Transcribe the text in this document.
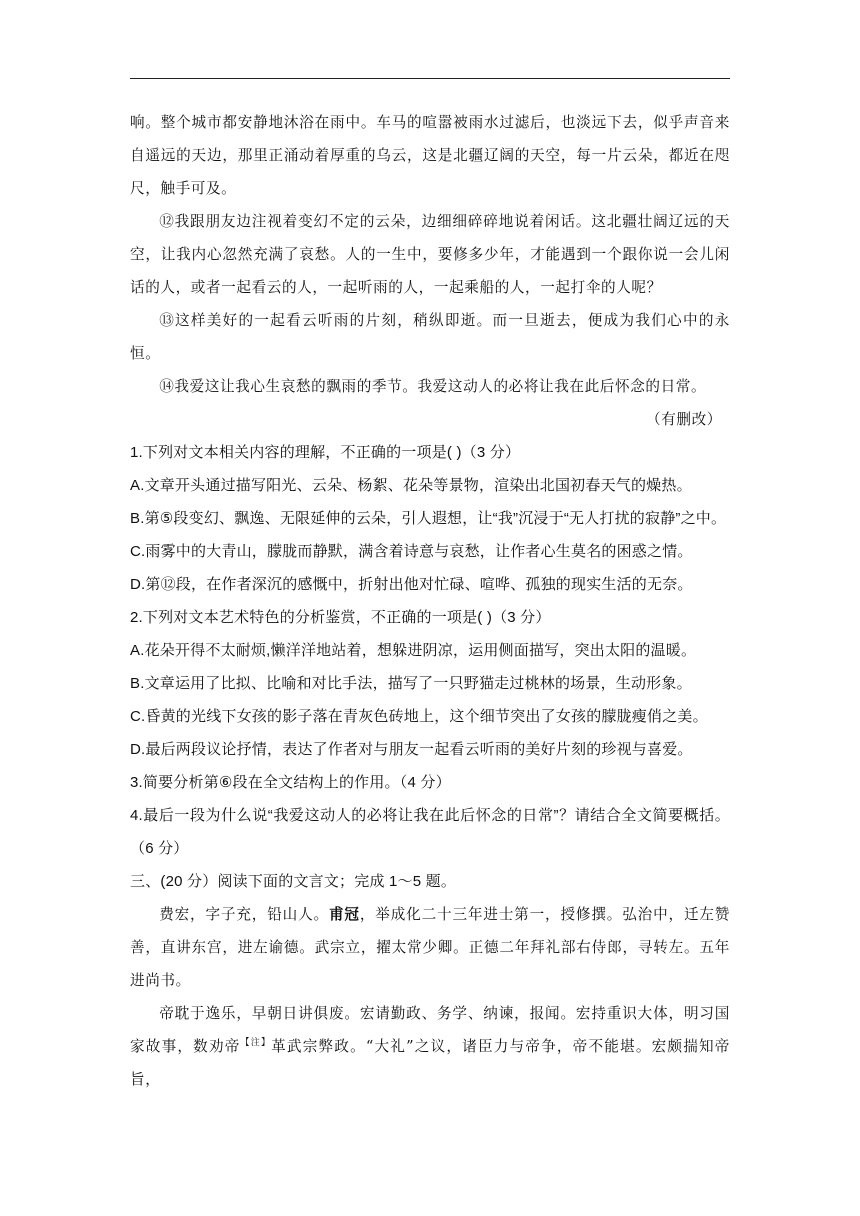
响。整个城市都安静地沐浴在雨中。车马的喧嚣被雨水过滤后，也淡远下去，似乎声音来自遥远的天边，那里正涌动着厚重的乌云，这是北疆辽阔的天空，每一片云朵，都近在咫尺，触手可及。

⑫我跟朋友边注视着变幻不定的云朵，边细细碎碎地说着闲话。这北疆壮阔辽远的天空，让我内心忽然充满了哀愁。人的一生中，要修多少年，才能遇到一个跟你说一会儿闲话的人，或者一起看云的人，一起听雨的人，一起乘船的人，一起打伞的人呢？

⑬这样美好的一起看云听雨的片刻，稍纵即逝。而一旦逝去，便成为我们心中的永恒。

⑭我爱这让我心生哀愁的飘雨的季节。我爱这动人的必将让我在此后怀念的日常。

（有删改）

1.下列对文本相关内容的理解，不正确的一项是( )（3 分）

A.文章开头通过描写阳光、云朵、杨絮、花朵等景物，渲染出北国初春天气的燥热。

B.第⑤段变幻、飘逸、无限延伸的云朵，引人遐想，让“我”沉浸于“无人打扰的寂静”之中。

C.雨雾中的大青山，朦胧而静默，满含着诗意与哀愁，让作者心生莫名的困惑之情。

D.第⑫段，在作者深沉的感慨中，折射出他对忙碌、喧哗、孤独的现实生活的无奈。

2.下列对文本艺术特色的分析鉴赏，不正确的一项是( )（3 分）

A.花朵开得不太耐烦,懒洋洋地站着，想躲进阴凉，运用侧面描写，突出太阳的温暖。

B.文章运用了比拟、比喻和对比手法，描写了一只野猫走过桃林的场景，生动形象。

C.昏黄的光线下女孩的影子落在青灰色砖地上，这个细节突出了女孩的朦胧瘦俏之美。

D.最后两段议论抒情，表达了作者对与朋友一起看云听雨的美好片刻的珍视与喜爱。

3.简要分析第⑥段在全文结构上的作用。（4 分）

4.最后一段为什么说“我爱这动人的必将让我在此后怀念的日常”？请结合全文简要概括。（6 分）

三、(20 分）阅读下面的文言文；完成 1～5 题。

费宏，字子充，铅山人。甫冠，举成化二十三年进士第一，授修撰。弘治中，迁左赞善，直讲东宫，进左谕德。武宗立，擢太常少卿。正德二年拜礼部右侍郎，寻转左。五年进尚书。

帝耽于逸乐，早朝日讲俱废。宏请勤政、务学、纳谏，报闻。宏持重识大体，明习国家故事，数劝帝$^{【注】}$革武宗弊政。“大礼”之议，诸臣力与帝争，帝不能堪。宏颇揣知帝旨，
